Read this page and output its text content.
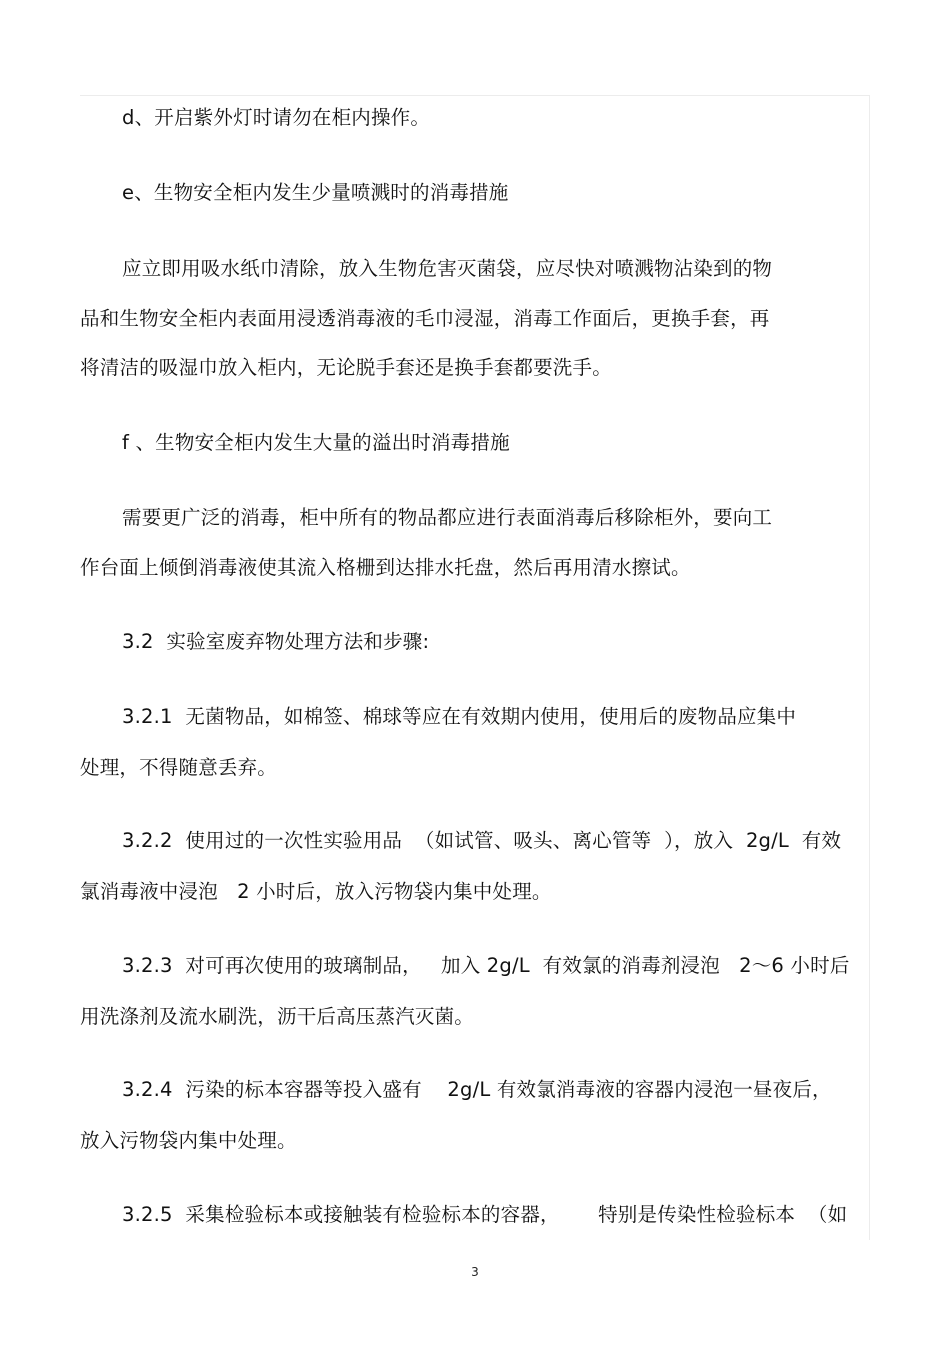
d、开启紫外灯时请勿在柜内操作。
e、生物安全柜内发生少量喷溅时的消毒措施
应立即用吸水纸巾清除，放入生物危害灭菌袋，应尽快对喷溅物沾染到的物
品和生物安全柜内表面用浸透消毒液的毛巾浸湿，消毒工作面后，更换手套，再
将清洁的吸湿巾放入柜内，无论脱手套还是换手套都要洗手。
f 、生物安全柜内发生大量的溢出时消毒措施
需要更广泛的消毒，柜中所有的物品都应进行表面消毒后移除柜外，要向工
作台面上倾倒消毒液使其流入格栅到达排水托盘，然后再用清水擦试。
3.2  实验室废弃物处理方法和步骤:
3.2.1  无菌物品，如棉签、棉球等应在有效期内使用，使用后的废物品应集中
处理，不得随意丢弃。
3.2.2  使用过的一次性实验用品  （如试管、吸头、离心管等  ），放入  2g/L  有效
氯消毒液中浸泡   2 小时后，放入污物袋内集中处理。
3.2.3  对可再次使用的玻璃制品，   加入 2g/L  有效氯的消毒剂浸泡   2～6 小时后
用洗涤剂及流水刷洗，沥干后高压蒸汽灭菌。
3.2.4  污染的标本容器等投入盛有    2g/L 有效氯消毒液的容器内浸泡一昼夜后，
放入污物袋内集中处理。
3.2.5  采集检验标本或接触装有检验标本的容器，      特别是传染性检验标本  （如
3
